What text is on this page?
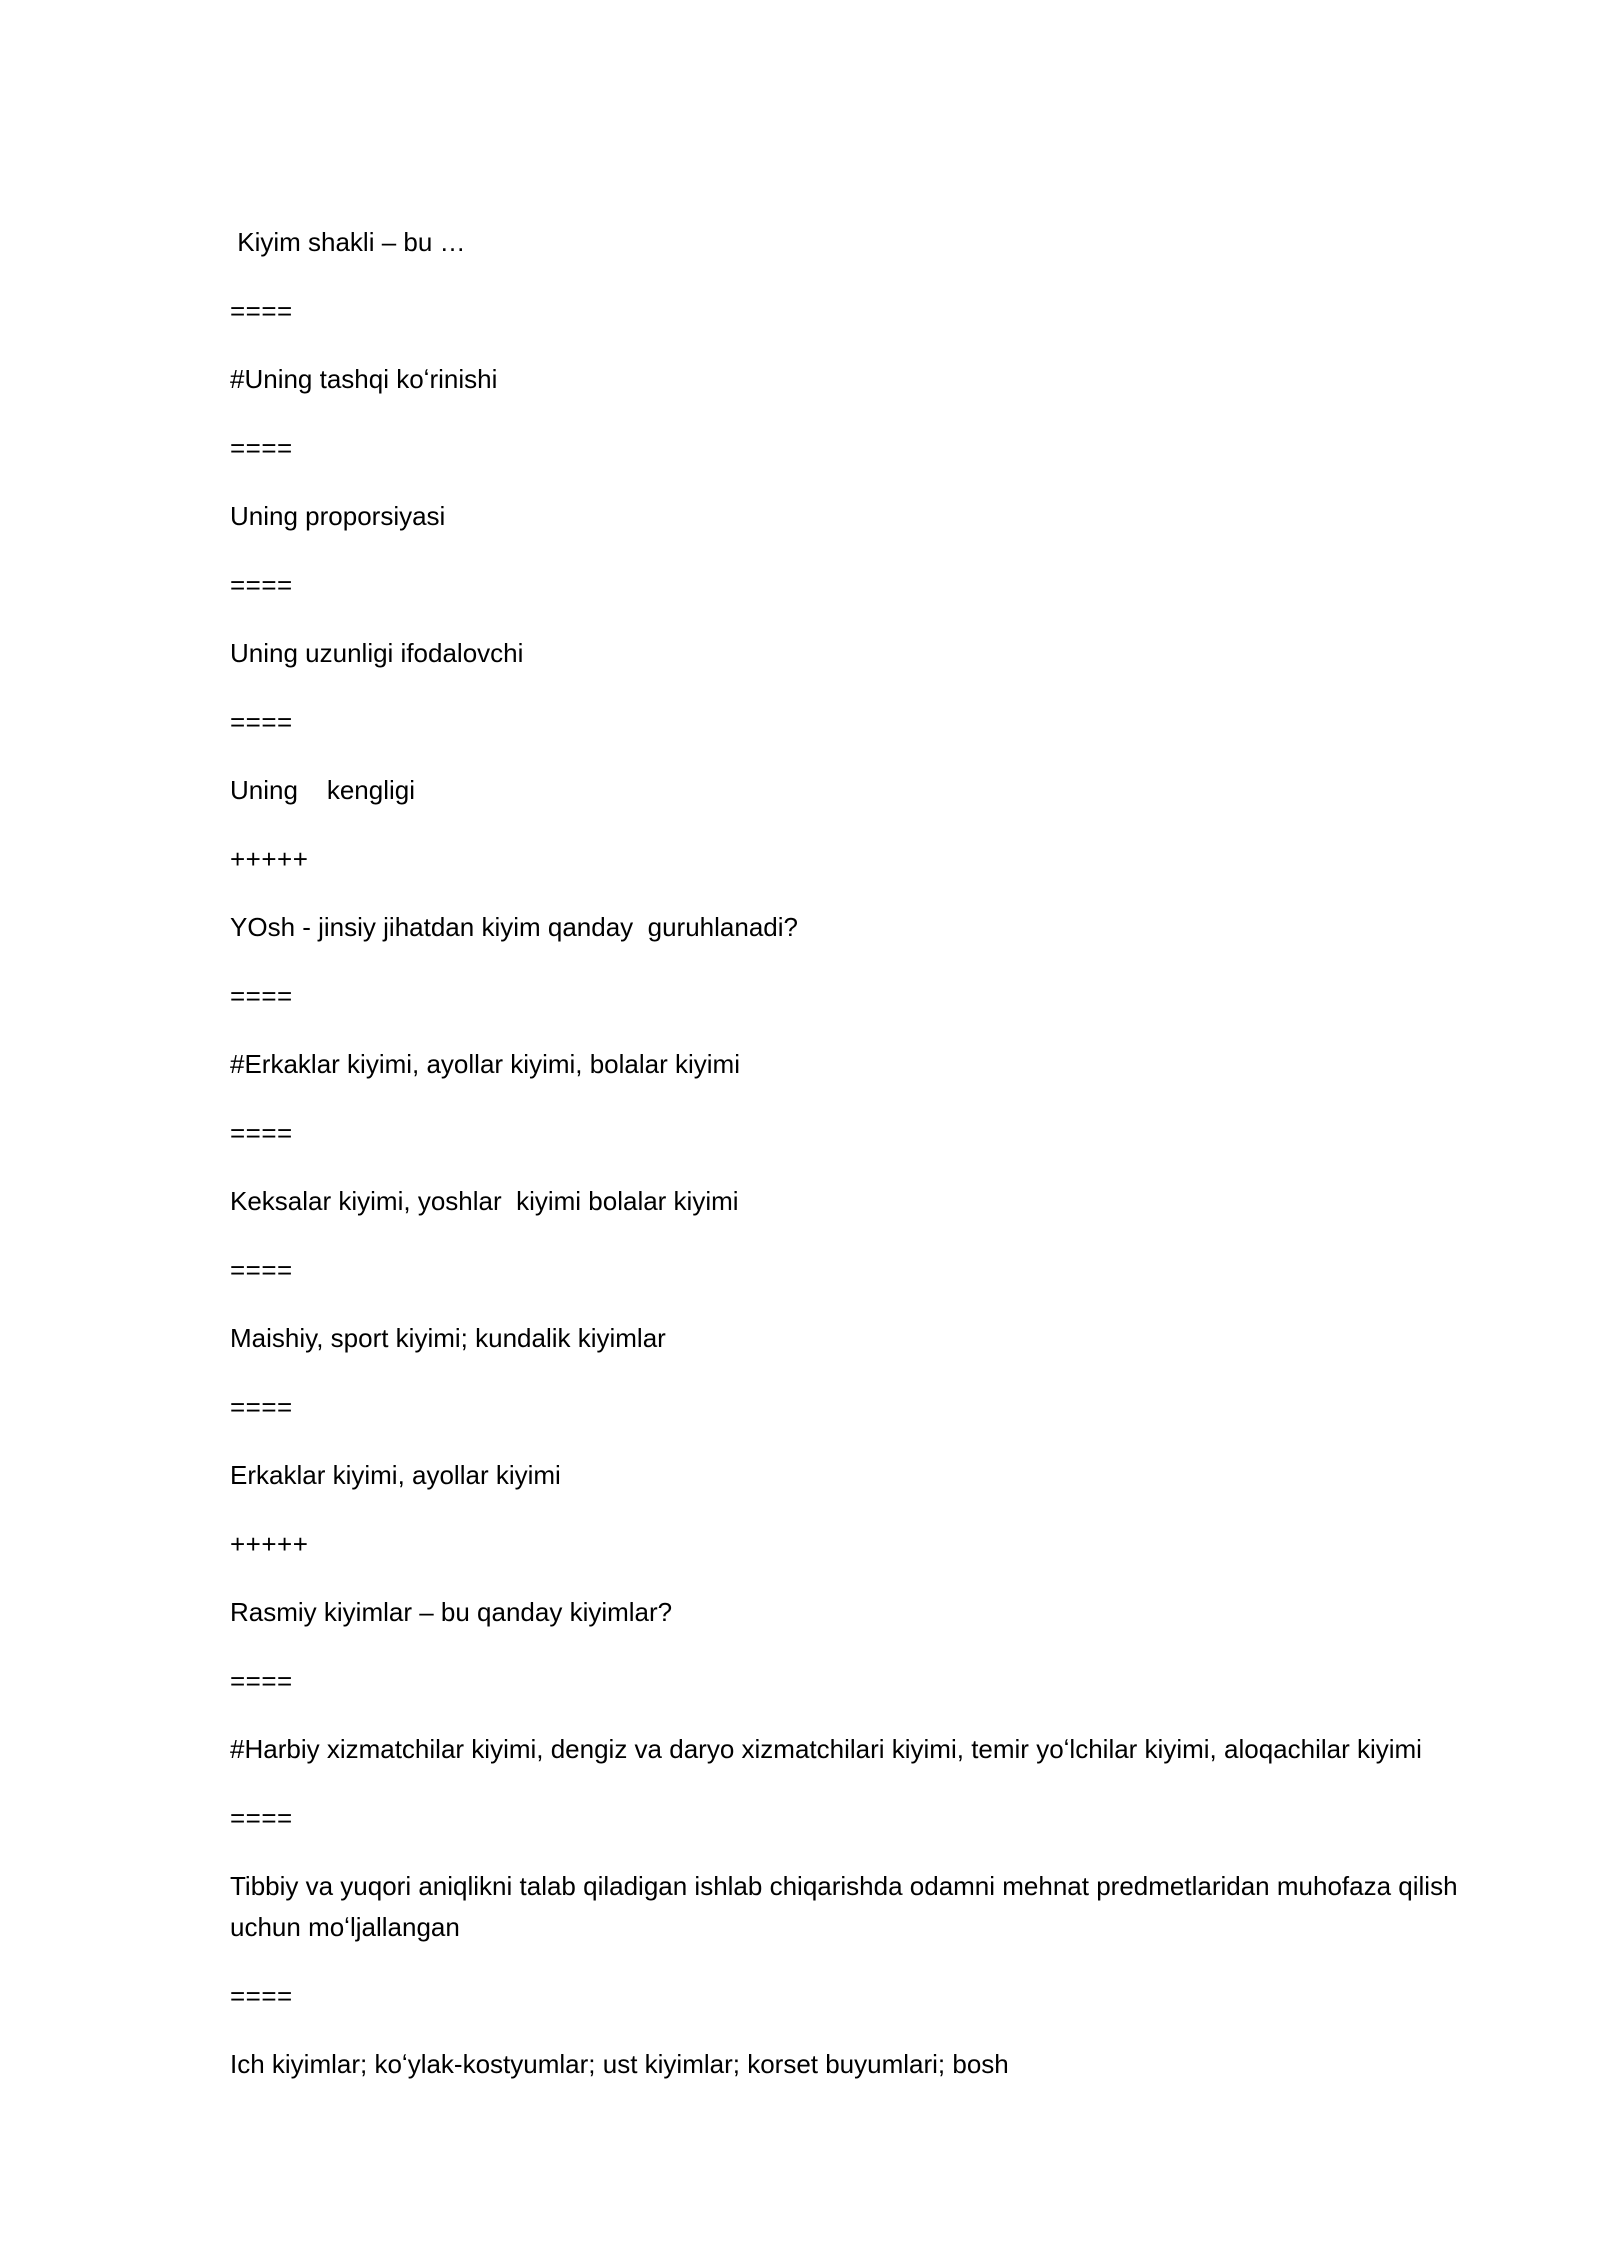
Kiyim shakli – bu …

====

#Uning tashqi koʻrinishi

====

Uning proporsiyasi

====

Uning uzunligi ifodalovchi

====

Uning    kengligi

+++++

YOsh - jinsiy jihatdan kiyim qanday  guruhlanadi?

====

#Erkaklar kiyimi, ayollar kiyimi, bolalar kiyimi

====

Keksalar kiyimi, yoshlar  kiyimi bolalar kiyimi

====

Maishiy, sport kiyimi; kundalik kiyimlar

====

Erkaklar kiyimi, ayollar kiyimi

+++++

Rasmiy kiyimlar – bu qanday kiyimlar?

====

#Harbiy xizmatchilar kiyimi, dengiz va daryo xizmatchilari kiyimi, temir yoʻlchilar kiyimi, aloqachilar kiyimi

====

Tibbiy va yuqori aniqlikni talab qiladigan ishlab chiqarishda odamni mehnat predmetlaridan muhofaza qilish uchun moʻljallangan

====

Ich kiyimlar; koʻylak-kostyumlar; ust kiyimlar; korset buyumlari; bosh
